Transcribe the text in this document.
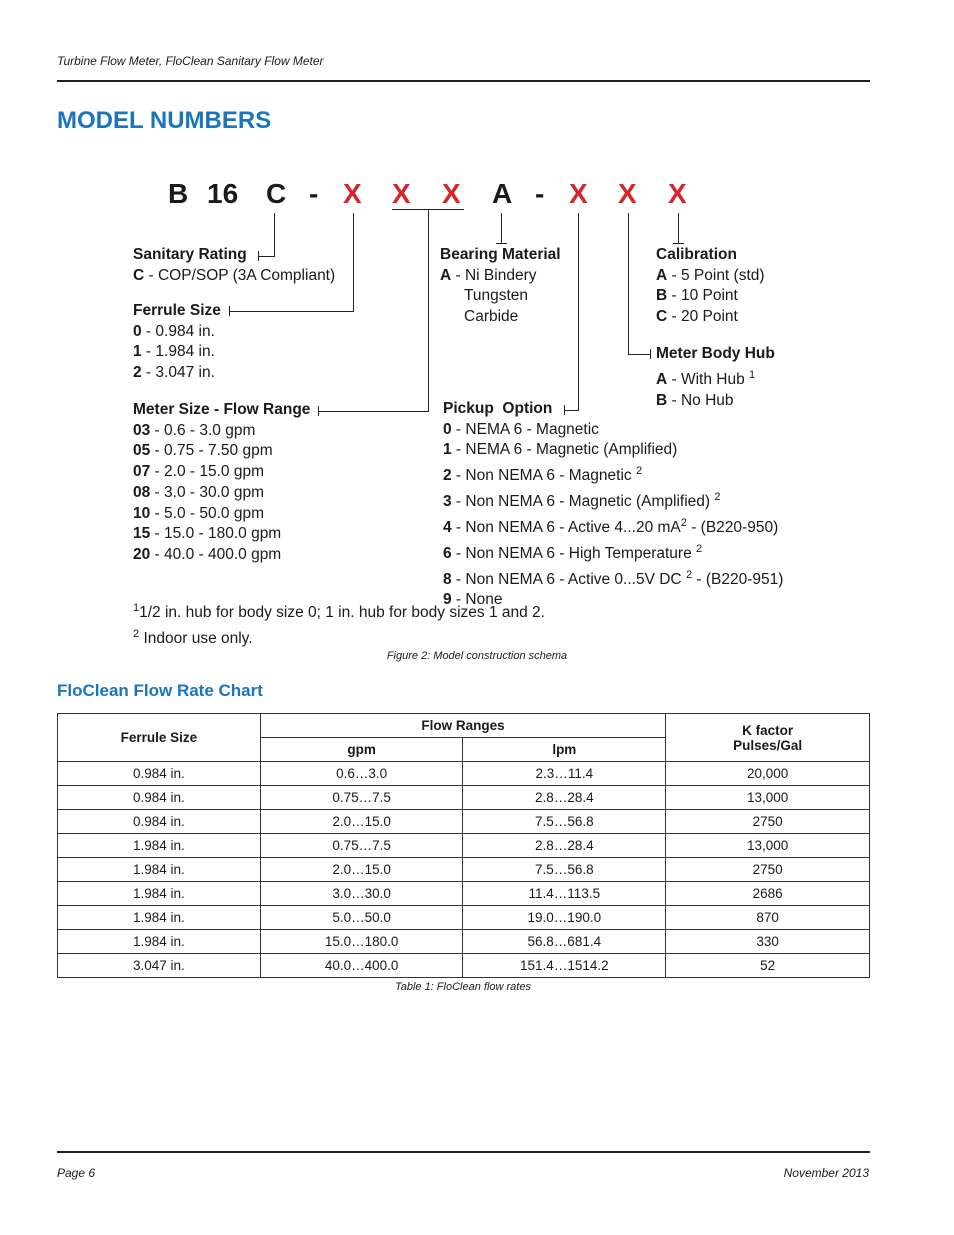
Turbine Flow Meter, FloClean Sanitary Flow Meter
MODEL NUMBERS
B 16 C - X X X A - X X X
Sanitary Rating
C - COP/SOP (3A Compliant)
Ferrule Size
0 - 0.984 in.
1 - 1.984 in.
2 - 3.047 in.
Meter Size - Flow Range
03 - 0.6 - 3.0 gpm
05 - 0.75 - 7.50 gpm
07 - 2.0 - 15.0 gpm
08 - 3.0 - 30.0 gpm
10 - 5.0 - 50.0 gpm
15 - 15.0 - 180.0 gpm
20 - 40.0 - 400.0 gpm
Bearing Material
A - Ni Bindery
Tungsten
Carbide
Calibration
A - 5 Point (std)
B - 10 Point
C - 20 Point
Meter Body Hub
A - With Hub $^1$
B - No Hub
Pickup  Option
0 - NEMA 6 - Magnetic
1 - NEMA 6 - Magnetic (Amplified)
2 - Non NEMA 6 - Magnetic $^2$
3 - Non NEMA 6 - Magnetic (Amplified) $^2$
4 - Non NEMA 6 - Active 4...20 $mA^2 - (B220-950)$
6 - Non NEMA 6 - High Temperature $^2$
8 - Non NEMA 6 - Active 0...5V DC $^2$ - (B220-951)
9 - None
$^1$1/2 in. hub for body size 0; 1 in. hub for body sizes 1 and 2.
$^2$ Indoor use only.
Figure 2: Model construction schema
FloClean Flow Rate Chart
Ferrule Size	Flow Ranges		K factor
Pulses/Gal
	gpm	lpm	
0.984 in.	0.6…3.0	2.3…11.4	20,000
0.984 in.	0.75…7.5	2.8…28.4	13,000
0.984 in.	2.0…15.0	7.5…56.8	2750
1.984 in.	0.75…7.5	2.8…28.4	13,000
1.984 in.	2.0…15.0	7.5…56.8	2750
1.984 in.	3.0…30.0	11.4…113.5	2686
1.984 in.	5.0…50.0	19.0…190.0	870
1.984 in.	15.0…180.0	56.8…681.4	330
3.047 in.	40.0…400.0	151.4…1514.2	52
Table 1: FloClean flow rates
Page 6	November 2013
